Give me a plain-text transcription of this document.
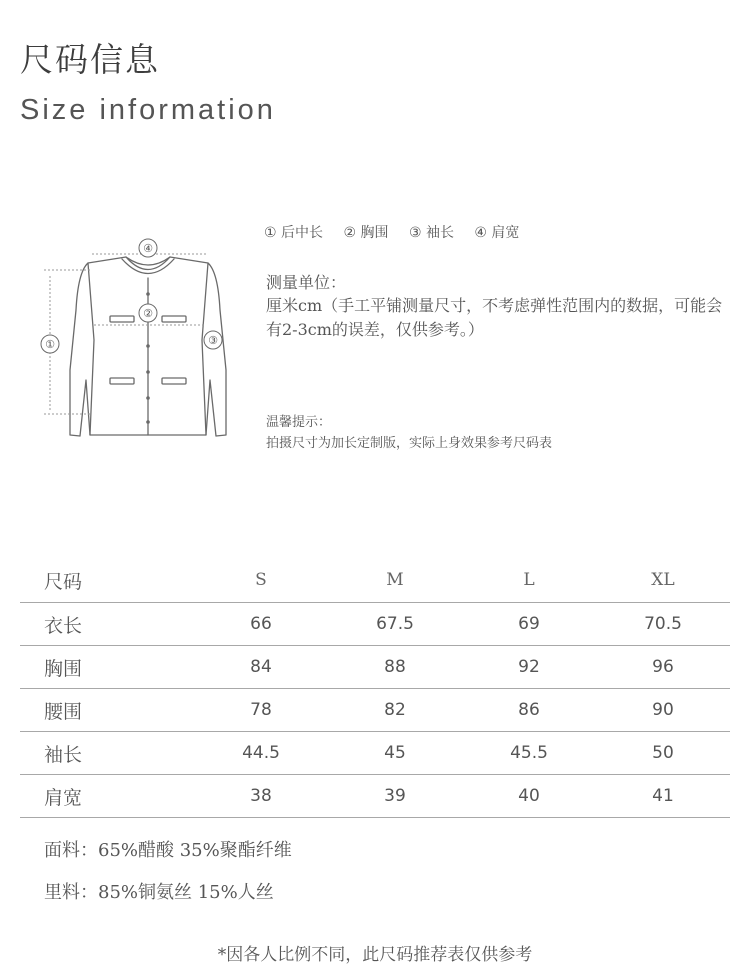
尺码信息
Size information
①
②
③
④
① 后中长 ② 胸围 ③ 袖长 ④ 肩宽
测量单位：
厘米cm（手工平铺测量尺寸，不考虑弹性范围内的数据，可能会有2-3cm的误差，仅供参考。）
温馨提示：
拍摄尺寸为加长定制版，实际上身效果参考尺码表
尺码	S	M	L	XL
衣长	66	67.5	69	70.5
胸围	84	88	92	96
腰围	78	82	86	90
袖长	44.5	45	45.5	50
肩宽	38	39	40	41
面料：65%醋酸 35%聚酯纤维
里料：85%铜氨丝 15%人丝
*因各人比例不同，此尺码推荐表仅供参考
